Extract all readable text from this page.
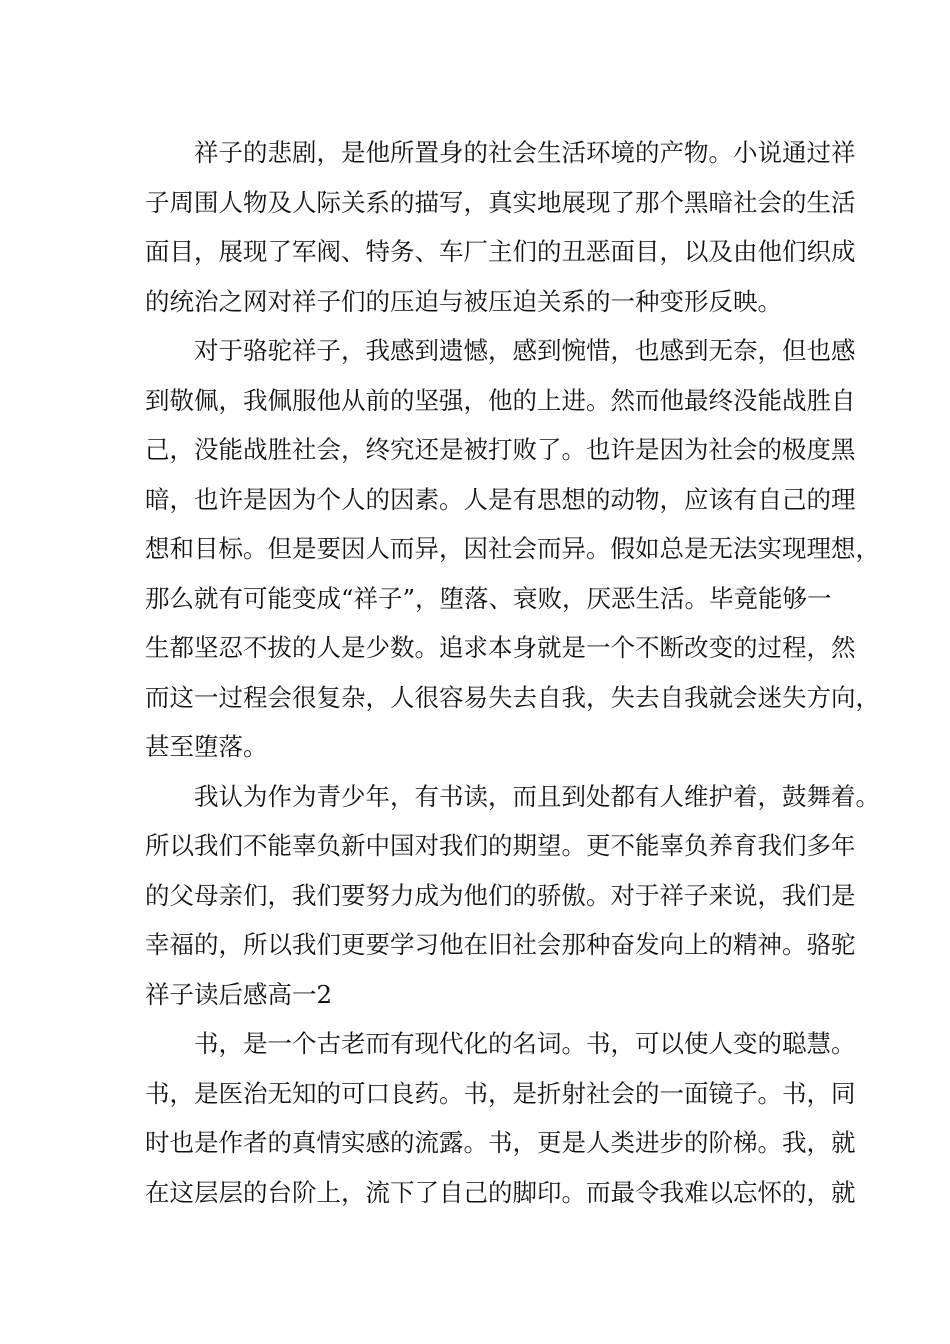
祥子的悲剧，是他所置身的社会生活环境的产物。小说通过祥
子周围人物及人际关系的描写，真实地展现了那个黑暗社会的生活
面目，展现了军阀、特务、车厂主们的丑恶面目，以及由他们织成
的统治之网对祥子们的压迫与被压迫关系的一种变形反映。
对于骆驼祥子，我感到遗憾，感到惋惜，也感到无奈，但也感
到敬佩，我佩服他从前的坚强，他的上进。然而他最终没能战胜自
己，没能战胜社会，终究还是被打败了。也许是因为社会的极度黑
暗，也许是因为个人的因素。人是有思想的动物，应该有自己的理
想和目标。但是要因人而异，因社会而异。假如总是无法实现理想，
那么就有可能变成“祥子”，堕落、衰败，厌恶生活。毕竟能够一
生都坚忍不拔的人是少数。追求本身就是一个不断改变的过程，然
而这一过程会很复杂，人很容易失去自我，失去自我就会迷失方向，
甚至堕落。
我认为作为青少年，有书读，而且到处都有人维护着，鼓舞着。
所以我们不能辜负新中国对我们的期望。更不能辜负养育我们多年
的父母亲们，我们要努力成为他们的骄傲。对于祥子来说，我们是
幸福的，所以我们更要学习他在旧社会那种奋发向上的精神。骆驼
祥子读后感高一2
书，是一个古老而有现代化的名词。书，可以使人变的聪慧。
书，是医治无知的可口良药。书，是折射社会的一面镜子。书，同
时也是作者的真情实感的流露。书，更是人类进步的阶梯。我，就
在这层层的台阶上，流下了自己的脚印。而最令我难以忘怀的，就
